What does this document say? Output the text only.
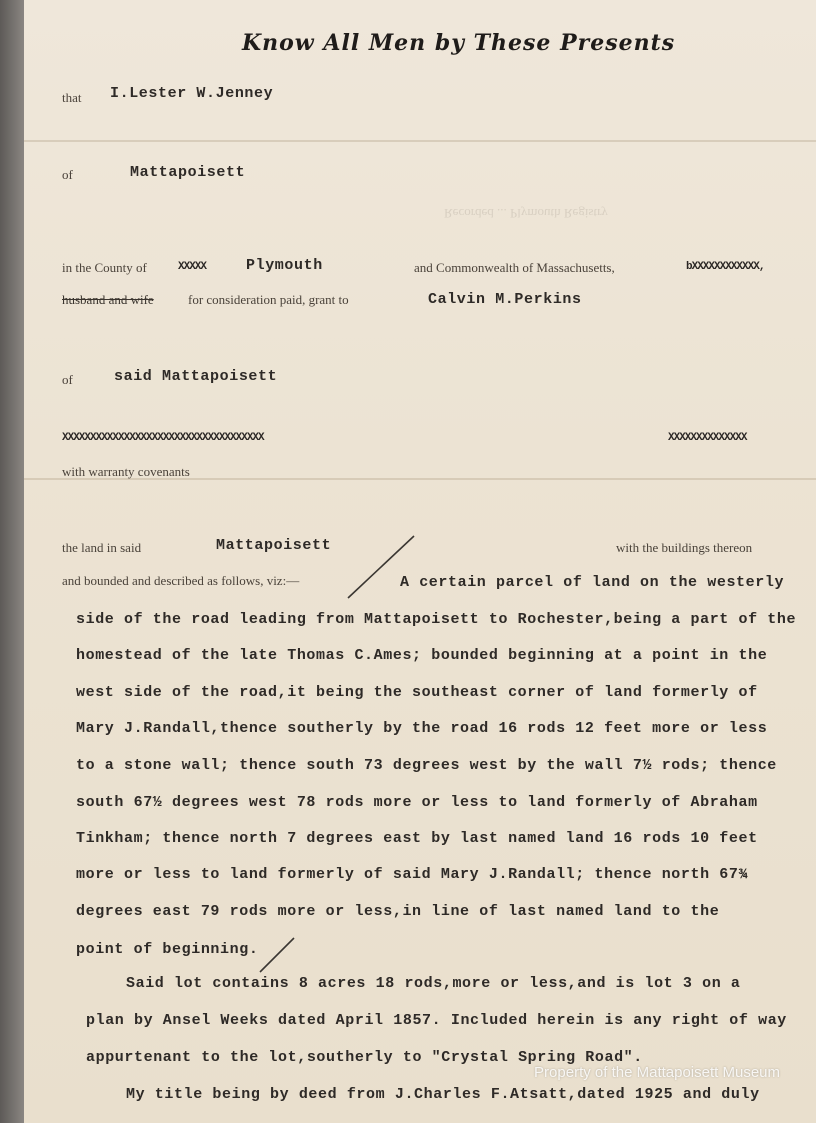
Recorded ... Plymouth Registry
Know All Men by These Presents
that I.Lester W.Jenney
of	Mattapoisett
in the County of	XXXXX	Plymouth	and Commonwealth of Massachusetts,	bXXXXXXXXXXXX,
husband and wife	for consideration paid, grant to	Calvin M.Perkins
of	said Mattapoisett
XXXXXXXXXXXXXXXXXXXXXXXXXXXXXXXXXXXX	XXXXXXXXXXXXXX
with warranty covenants
the land in said	Mattapoisett	with the buildings thereon
and bounded and described as follows, viz:—	A certain parcel of land on the westerly
side of the road leading from Mattapoisett to Rochester,being a part of the
homestead of the late Thomas C.Ames; bounded beginning at a point in the
west side of the road,it being the southeast corner of land formerly of
Mary J.Randall,thence southerly by the road 16 rods 12 feet more or less
to a stone wall; thence south 73 degrees west by the wall 7½ rods; thence
south 67½ degrees west 78 rods more or less to land formerly of Abraham
Tinkham; thence north 7 degrees east by last named land 16 rods 10 feet
more or less to land formerly of said Mary J.Randall; thence north 67¾
degrees east 79 rods more or less,in line of last named land to the
point of beginning.
Said lot contains 8 acres 18 rods,more or less,and is lot 3 on a
plan by Ansel Weeks dated April 1857. Included herein is any right of way
appurtenant to the lot,southerly to "Crystal Spring Road".
My title being by deed from J.Charles F.Atsatt,dated 1925 and duly
Property of the Mattapoisett Museum
